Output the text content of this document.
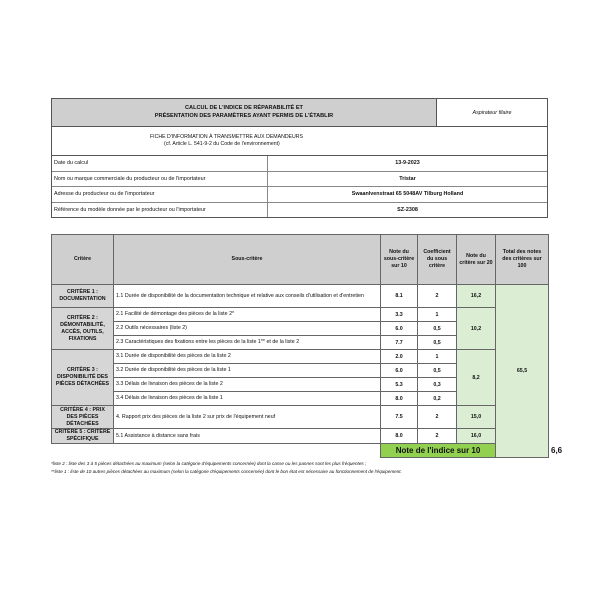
CALCUL DE L'INDICE DE RÉPARABILITÉ ET
PRÉSENTATION DES PARAMÈTRES AYANT PERMIS DE L'ÉTABLIR	Aspirateur filaire
FICHE D'INFORMATION À TRANSMETTRE AUX DEMANDEURS
(cf. Article L. 541-9-2 du Code de l'environnement)
Date du calcul	13-9-2023
Nom ou marque commerciale du producteur ou de l'importateur	Tristar
Adresse du producteur ou de l'importateur	Swaanlvenstraat 65 5048AV Tilburg Holland
Référence du modèle donnée par le producteur ou l'importateur	SZ-2308
Critère	Sous-critère	Note du sous-critère sur 10	Coefficient du sous critère	Note du critère sur 20	Total des notes des critères sur 100	
CRITÈRE 1 : DOCUMENTATION	1.1 Durée de disponibilité de la documentation technique et relative aux conseils d'utilisation et d'entretien	8.1	2	16,2	65,5	
CRITÈRE 2 : DÉMONTABILITÉ, ACCÈS, OUTILS, FIXATIONS	2.1 Facilité de démontage des pièces de la liste 2*	3.3	1	10,2		
	2.2 Outils nécessaires (liste 2)	6.0	0,5			
	2.3 Caractéristiques des fixations entre les pièces de la liste 1** et de la liste 2	7.7	0,5			
CRITÈRE 3 : DISPONIBILITÉ DES PIÈCES DÉTACHÉES	3.1 Durée de disponibilité des pièces de la liste 2	2.0	1	8,2		
	3.2 Durée de disponibilité des pièces de la liste 1	6.0	0,5			
	3.3 Délais de livraison des pièces de la liste 2	5.3	0,3			
	3.4 Délais de livraison des pièces de la liste 1	8.0	0,2			
CRITÈRE 4 : PRIX DES PIÈCES DÉTACHÉES	4. Rapport prix des pièces de la liste 2 sur prix de l'équipement neuf	7.5	2	15,0		
CRITÈRE 5 : CRITÈRE SPÉCIFIQUE	5.1 Assistance à distance sans frais	8.0	2	16,0		
		Note de l'indice sur 10				6,6
*liste 2 : liste des 3 à 5 pièces détachées au maximum (selon la catégorie d'équipements concernée) dont la casse ou les pannes sont les plus fréquentes ;
**liste 1 : liste de 10 autres pièces détachées au maximum (selon la catégorie d'équipements concernée) dont le bon état est nécessaire au fonctionnement de l'équipement.
